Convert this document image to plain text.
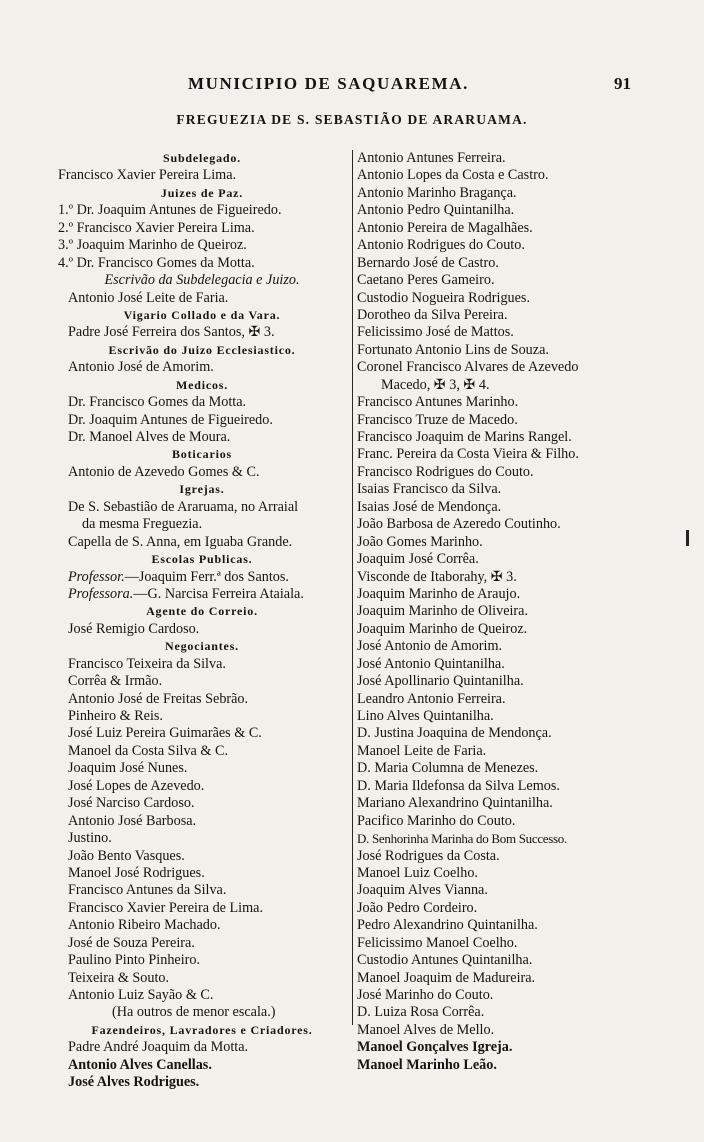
MUNICIPIO DE SAQUAREMA.	91
FREGUEZIA DE S. SEBASTIÃO DE ARARUAMA.
Subdelegado.
Francisco Xavier Pereira Lima.
Juizes de Paz.
1.º Dr. Joaquim Antunes de Figueiredo.
2.º Francisco Xavier Pereira Lima.
3.º Joaquim Marinho de Queiroz.
4.º Dr. Francisco Gomes da Motta.
Escrivão da Subdelegacia e Juizo.
Antonio José Leite de Faria.
Vigario Collado e da Vara.
Padre José Ferreira dos Santos, ✠ 3.
Escrivão do Juizo Ecclesiastico.
Antonio José de Amorim.
Medicos.
Dr. Francisco Gomes da Motta.
Dr. Joaquim Antunes de Figueiredo.
Dr. Manoel Alves de Moura.
Boticarios
Antonio de Azevedo Gomes & C.
Igrejas.
De S. Sebastião de Araruama, no Arraial
da mesma Freguezia.
Capella de S. Anna, em Iguaba Grande.
Escolas Publicas.
Professor.—Joaquim Ferr.ª dos Santos.
Professora.—G. Narcisa Ferreira Ataiala.
Agente do Correio.
José Remigio Cardoso.
Negociantes.
Francisco Teixeira da Silva.
Corrêa & Irmão.
Antonio José de Freitas Sebrão.
Pinheiro & Reis.
José Luiz Pereira Guimarães & C.
Manoel da Costa Silva & C.
Joaquim José Nunes.
José Lopes de Azevedo.
José Narciso Cardoso.
Antonio José Barbosa.
Justino.
João Bento Vasques.
Manoel José Rodrigues.
Francisco Antunes da Silva.
Francisco Xavier Pereira de Lima.
Antonio Ribeiro Machado.
José de Souza Pereira.
Paulino Pinto Pinheiro.
Teixeira & Souto.
Antonio Luiz Sayão & C.
(Ha outros de menor escala.)
Fazendeiros, Lavradores e Criadores.
Padre André Joaquim da Motta.
Antonio Alves Canellas.
José Alves Rodrigues.
Antonio Antunes Ferreira.
Antonio Lopes da Costa e Castro.
Antonio Marinho Bragança.
Antonio Pedro Quintanilha.
Antonio Pereira de Magalhães.
Antonio Rodrigues do Couto.
Bernardo José de Castro.
Caetano Peres Gameiro.
Custodio Nogueira Rodrigues.
Dorotheo da Silva Pereira.
Felicissimo José de Mattos.
Fortunato Antonio Lins de Souza.
Coronel Francisco Alvares de Azevedo
Macedo, ✠ 3, ✠ 4.
Francisco Antunes Marinho.
Francisco Truze de Macedo.
Francisco Joaquim de Marins Rangel.
Franc. Pereira da Costa Vieira & Filho.
Francisco Rodrigues do Couto.
Isaias Francisco da Silva.
Isaias José de Mendonça.
João Barbosa de Azeredo Coutinho.
João Gomes Marinho.
Joaquim José Corrêa.
Visconde de Itaborahy, ✠ 3.
Joaquim Marinho de Araujo.
Joaquim Marinho de Oliveira.
Joaquim Marinho de Queiroz.
José Antonio de Amorim.
José Antonio Quintanilha.
José Apollinario Quintanilha.
Leandro Antonio Ferreira.
Lino Alves Quintanilha.
D. Justina Joaquina de Mendonça.
Manoel Leite de Faria.
D. Maria Columna de Menezes.
D. Maria Ildefonsa da Silva Lemos.
Mariano Alexandrino Quintanilha.
Pacifico Marinho do Couto.
D. Senhorinha Marinha do Bom Successo.
José Rodrigues da Costa.
Manoel Luiz Coelho.
Joaquim Alves Vianna.
João Pedro Cordeiro.
Pedro Alexandrino Quintanilha.
Felicissimo Manoel Coelho.
Custodio Antunes Quintanilha.
Manoel Joaquim de Madureira.
José Marinho do Couto.
D. Luiza Rosa Corrêa.
Manoel Alves de Mello.
Manoel Gonçalves Igreja.
Manoel Marinho Leão.
